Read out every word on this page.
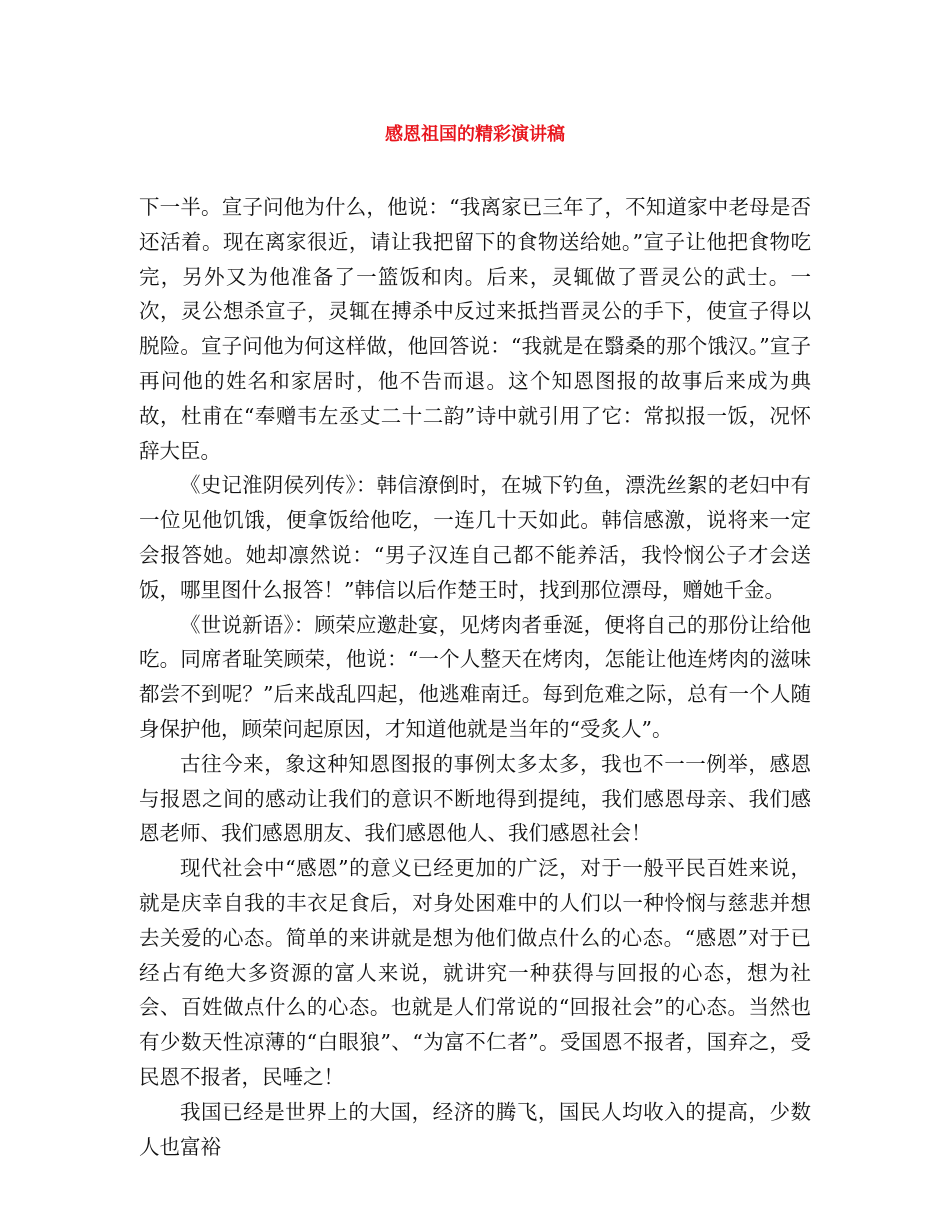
感恩祖国的精彩演讲稿

下一半。宣子问他为什么，他说：“我离家已三年了，不知道家中老母是否还活着。现在离家很近，请让我把留下的食物送给她。”宣子让他把食物吃完，另外又为他准备了一篮饭和肉。后来，灵辄做了晋灵公的武士。一次，灵公想杀宣子，灵辄在搏杀中反过来抵挡晋灵公的手下，使宣子得以脱险。宣子问他为何这样做，他回答说：“我就是在翳桑的那个饿汉。”宣子再问他的姓名和家居时，他不告而退。这个知恩图报的故事后来成为典故，杜甫在“奉赠韦左丞丈二十二韵”诗中就引用了它：常拟报一饭，况怀辞大臣。

《史记淮阴侯列传》：韩信潦倒时，在城下钓鱼，漂洗丝絮的老妇中有一位见他饥饿，便拿饭给他吃，一连几十天如此。韩信感激，说将来一定会报答她。她却凛然说：“男子汉连自己都不能养活，我怜悯公子才会送饭，哪里图什么报答！”韩信以后作楚王时，找到那位漂母，赠她千金。

《世说新语》：顾荣应邀赴宴，见烤肉者垂涎，便将自己的那份让给他吃。同席者耻笑顾荣，他说：“一个人整天在烤肉，怎能让他连烤肉的滋味都尝不到呢？”后来战乱四起，他逃难南迁。每到危难之际，总有一个人随身保护他，顾荣问起原因，才知道他就是当年的“受炙人”。

古往今来，象这种知恩图报的事例太多太多，我也不一一例举，感恩与报恩之间的感动让我们的意识不断地得到提纯，我们感恩母亲、我们感恩老师、我们感恩朋友、我们感恩他人、我们感恩社会！

现代社会中“感恩”的意义已经更加的广泛，对于一般平民百姓来说，就是庆幸自我的丰衣足食后，对身处困难中的人们以一种怜悯与慈悲并想去关爱的心态。简单的来讲就是想为他们做点什么的心态。“感恩”对于已经占有绝大多资源的富人来说，就讲究一种获得与回报的心态，想为社会、百姓做点什么的心态。也就是人们常说的“回报社会”的心态。当然也有少数天性凉薄的“白眼狼”、“为富不仁者”。受国恩不报者，国弃之，受民恩不报者，民唾之！

我国已经是世界上的大国，经济的腾飞，国民人均收入的提高，少数人也富裕
